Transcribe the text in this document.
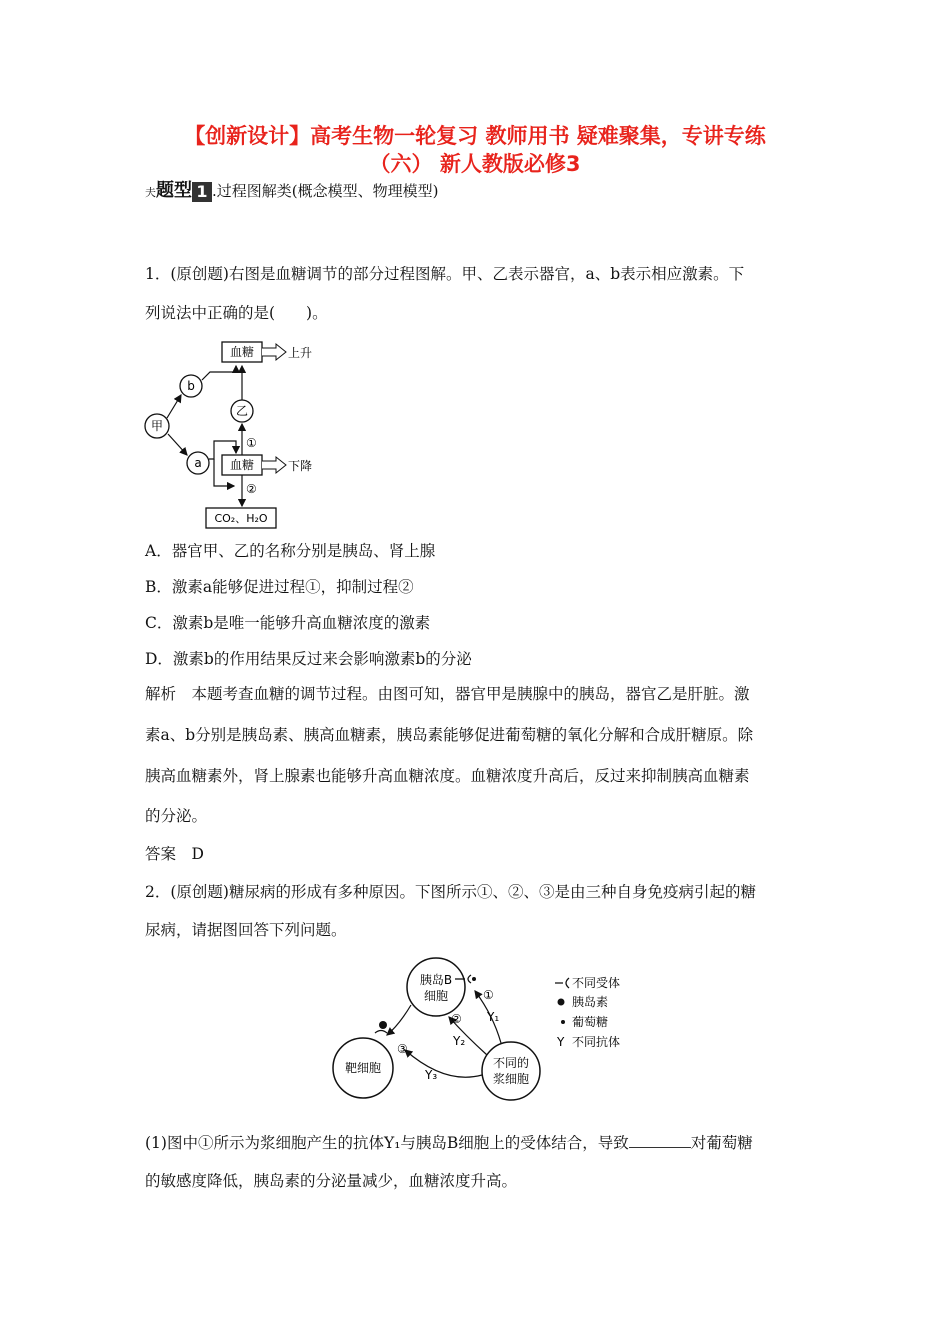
【创新设计】高考生物一轮复习 教师用书 疑难聚集，专讲专练
（六） 新人教版必修3
夫题型 1 .过程图解类(概念模型、物理模型)
1．(原创题)右图是血糖调节的部分过程图解。甲、乙表示器官，a、b表示相应激素。下
列说法中正确的是(　　)。
血糖	上升
b
乙
甲
a 血糖
①
下降
②
CO₂、H₂O
A．器官甲、乙的名称分别是胰岛、肾上腺
B．激素a能够促进过程①，抑制过程②
C．激素b是唯一能够升高血糖浓度的激素
D．激素b的作用结果反过来会影响激素b的分泌
解析　本题考查血糖的调节过程。由图可知，器官甲是胰腺中的胰岛，器官乙是肝脏。激
素a、b分别是胰岛素、胰高血糖素，胰岛素能够促进葡萄糖的氧化分解和合成肝糖原。除
胰高血糖素外，肾上腺素也能够升高血糖浓度。血糖浓度升高后，反过来抑制胰高血糖素
的分泌。
答案　D
2．(原创题)糖尿病的形成有多种原因。下图所示①、②、③是由三种自身免疫病引起的糖
尿病，请据图回答下列问题。
胰岛B
细胞
靶细胞	不同的
浆细胞
①
Y₁
②
Y₂
③
Y₃
不同受体
胰岛素
葡萄糖
Y 不同抗体
(1)图中①所示为浆细胞产生的抗体Y₁与胰岛B细胞上的受体结合，导致	对葡萄糖
的敏感度降低，胰岛素的分泌量减少，血糖浓度升高。
